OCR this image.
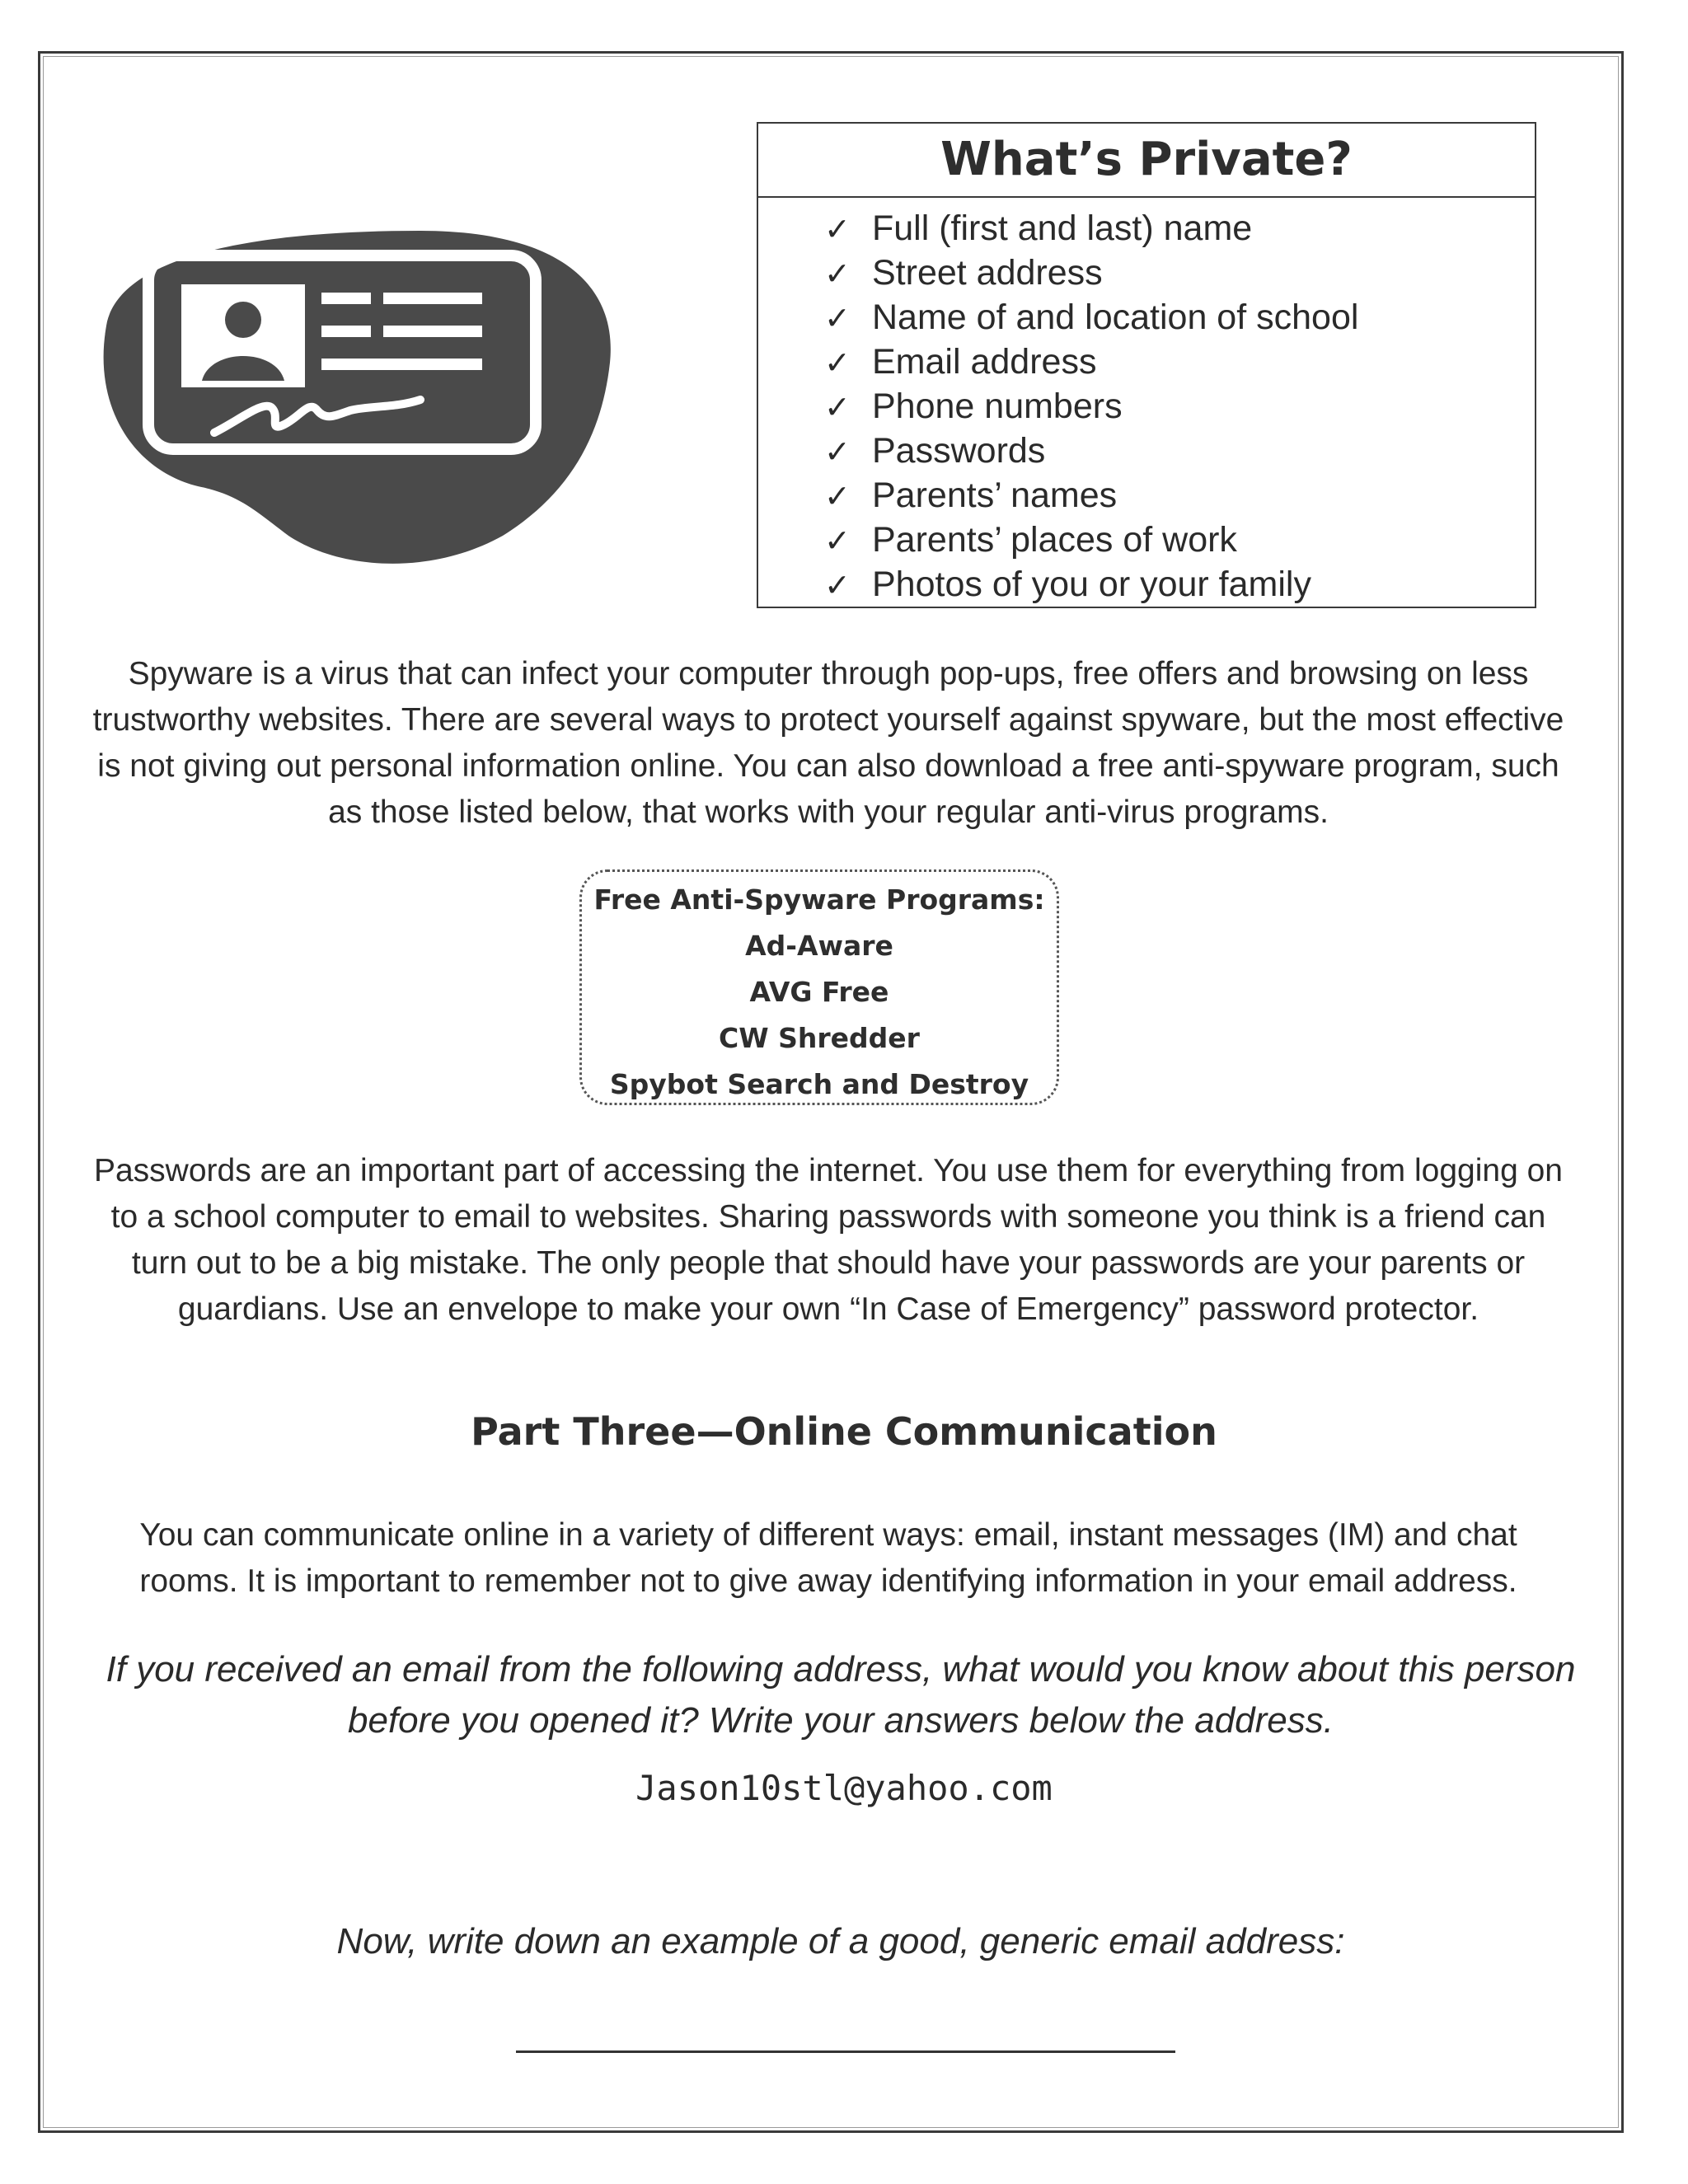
What’s Private?
✓ Full (first and last) name
✓ Street address
✓ Name of and location of school
✓ Email address
✓ Phone numbers
✓ Passwords
✓ Parents’ names
✓ Parents’ places of work
✓ Photos of you or your family
Spyware is a virus that can infect your computer through pop-ups, free offers and browsing on less trustworthy websites. There are several ways to protect yourself against spyware, but the most effective is not giving out personal information online. You can also download a free anti-spyware program, such as those listed below, that works with your regular anti-virus programs.
Free Anti-Spyware Programs:
Ad-Aware
AVG Free
CW Shredder
Spybot Search and Destroy
Passwords are an important part of accessing the internet. You use them for everything from logging on to a school computer to email to websites. Sharing passwords with someone you think is a friend can turn out to be a big mistake. The only people that should have your passwords are your parents or guardians. Use an envelope to make your own “In Case of Emergency” password protector.
Part Three—Online Communication
You can communicate online in a variety of different ways: email, instant messages (IM) and chat rooms. It is important to remember not to give away identifying information in your email address.
If you received an email from the following address, what would you know about this person before you opened it? Write your answers below the address.
Jason10stl@yahoo.com
Now, write down an example of a good, generic email address:
